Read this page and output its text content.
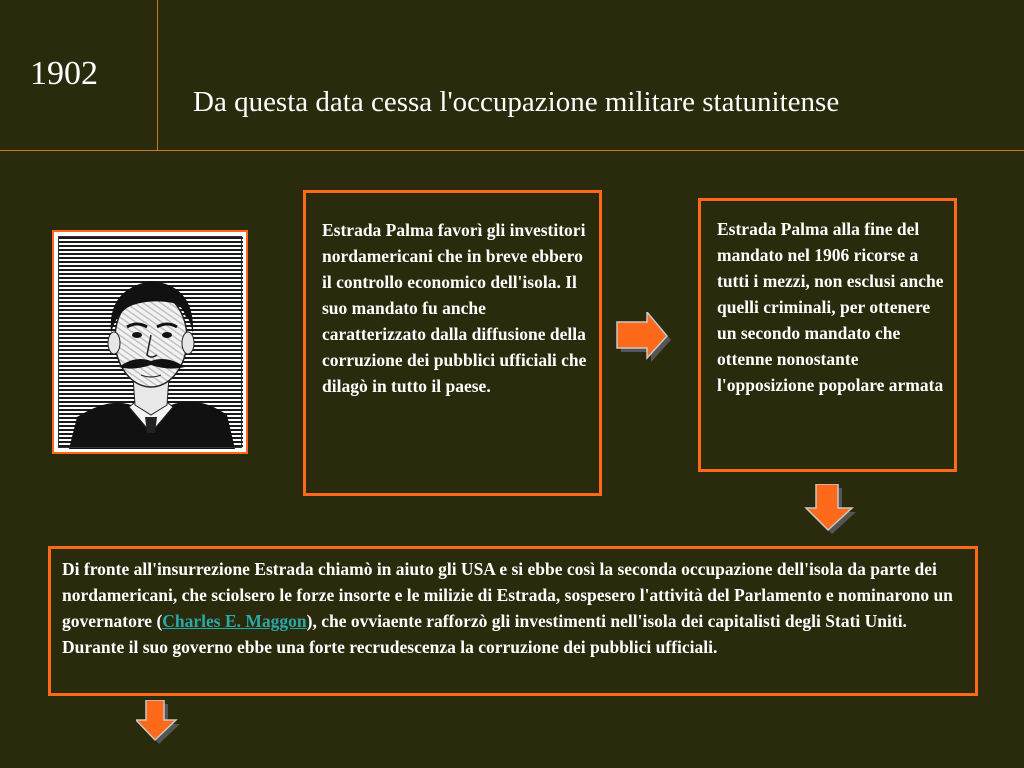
1902
Da questa data cessa l'occupazione militare statunitense
Estrada Palma favorì gli investitori nordamericani che in breve ebbero il controllo economico dell'isola. Il suo mandato fu anche caratterizzato dalla diffusione della corruzione dei pubblici ufficiali che dilagò in tutto il paese.
Estrada Palma alla fine del mandato nel 1906 ricorse a tutti i mezzi, non esclusi anche quelli criminali, per ottenere un secondo mandato che ottenne nonostante l'opposizione popolare armata
Di fronte all'insurrezione Estrada chiamò in aiuto gli USA e si ebbe così la seconda occupazione dell'isola da parte dei nordamericani, che sciolsero le forze insorte e le milizie di Estrada, sospesero l'attività del Parlamento e nominarono un governatore (Charles E. Maggon), che ovviaente rafforzò gli investimenti nell'isola dei capitalisti degli Stati Uniti. Durante il suo governo ebbe una forte recrudescenza la corruzione dei pubblici ufficiali.
